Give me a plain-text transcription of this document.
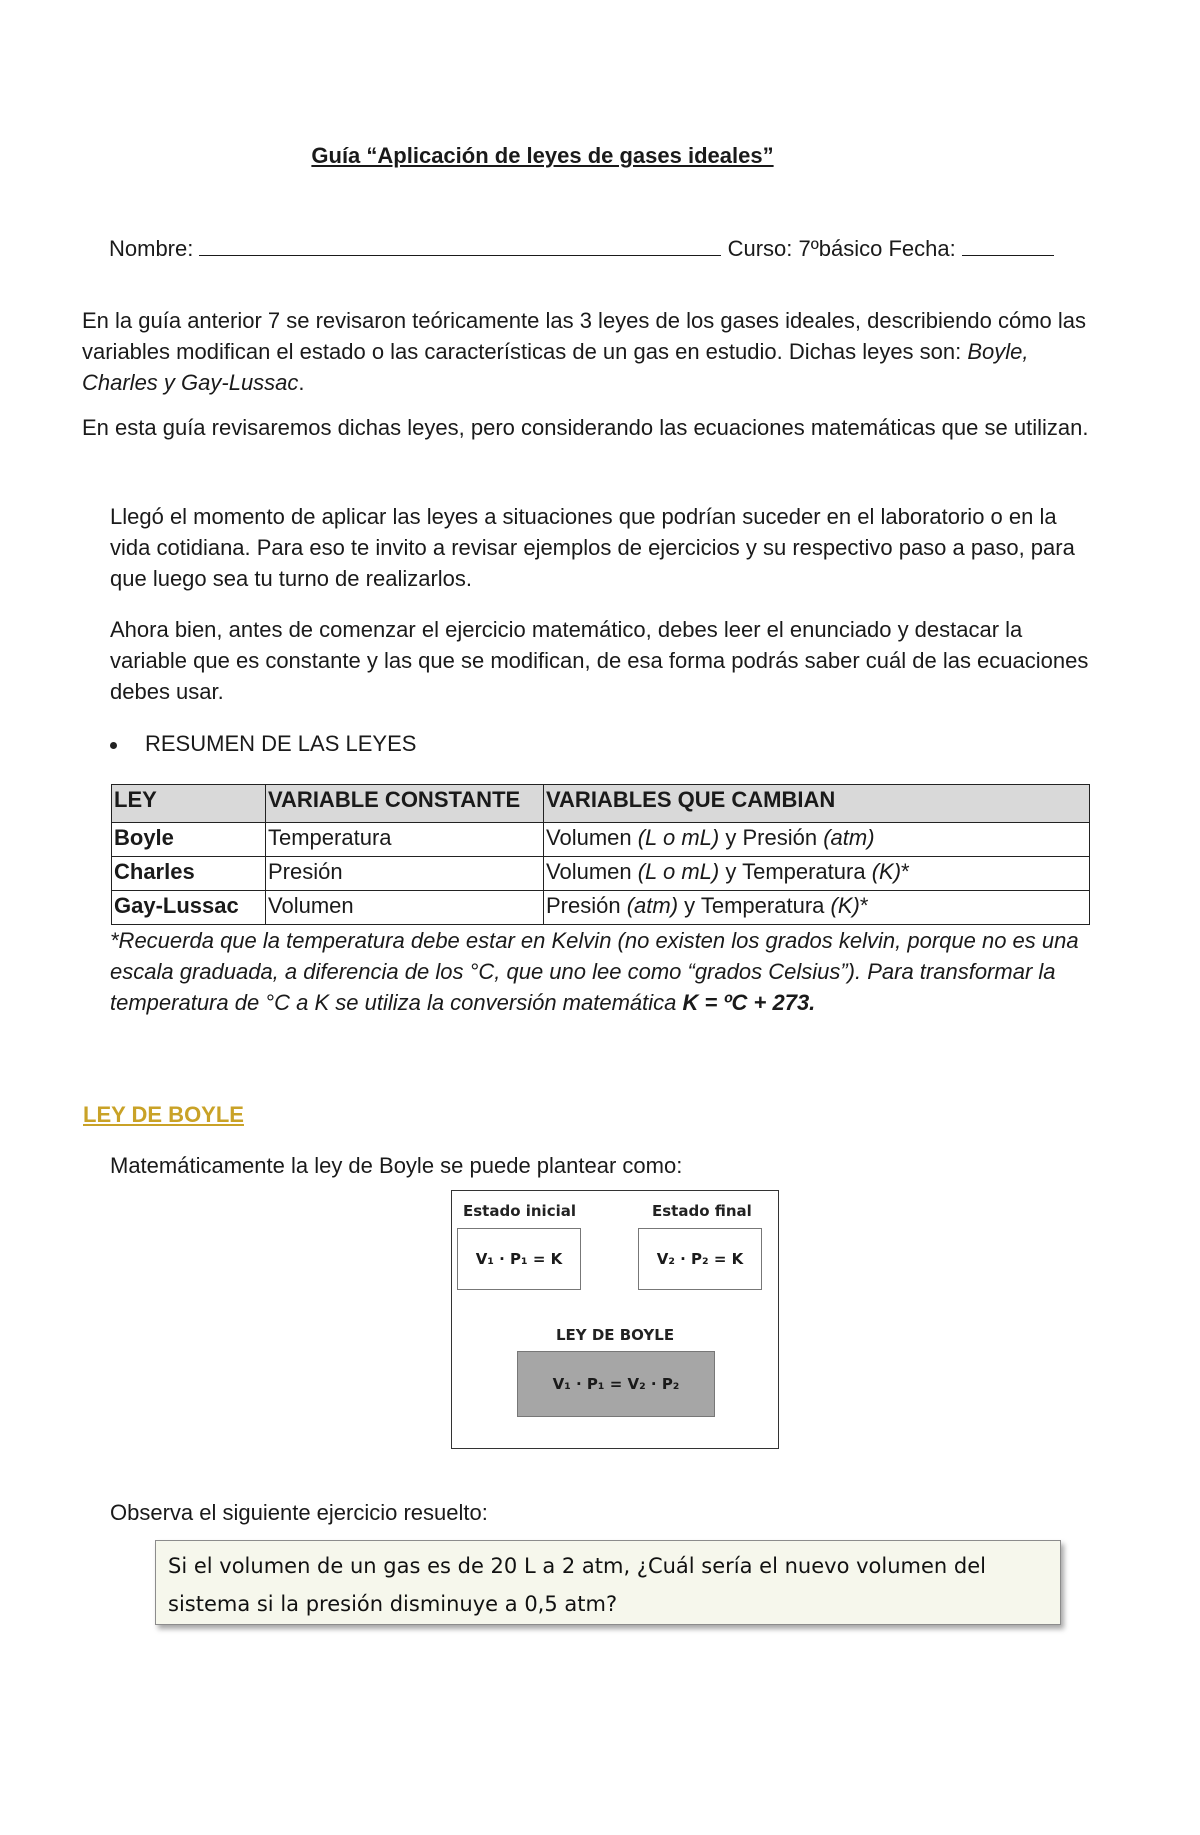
Guía “Aplicación de leyes de gases ideales”
Nombre:	Curso: 7ºbásico Fecha:

En la guía anterior 7 se revisaron teóricamente las 3 leyes de los gases ideales, describiendo cómo las variables modifican el estado o las características de un gas en estudio. Dichas leyes son: Boyle, Charles y Gay-Lussac.

En esta guía revisaremos dichas leyes, pero considerando las ecuaciones matemáticas que se utilizan.

Llegó el momento de aplicar las leyes a situaciones que podrían suceder en el laboratorio o en la vida cotidiana. Para eso te invito a revisar ejemplos de ejercicios y su respectivo paso a paso, para que luego sea tu turno de realizarlos.

Ahora bien, antes de comenzar el ejercicio matemático, debes leer el enunciado y destacar la variable que es constante y las que se modifican, de esa forma podrás saber cuál de las ecuaciones debes usar.

RESUMEN DE LAS LEYES
LEY	VARIABLE CONSTANTE	VARIABLES QUE CAMBIAN
Boyle	Temperatura	Volumen (L o mL) y Presión (atm)
Charles	Presión	Volumen (L o mL) y Temperatura (K)*
Gay-Lussac	Volumen	Presión (atm) y Temperatura (K)*

*Recuerda que la temperatura debe estar en Kelvin (no existen los grados kelvin, porque no es una escala graduada, a diferencia de los °C, que uno lee como “grados Celsius”). Para transformar la temperatura de °C a K se utiliza la conversión matemática K = ºC + 273.

LEY DE BOYLE
Matemáticamente la ley de Boyle se puede plantear como:
Estado inicial	Estado final
V₁ · P₁ = K	V₂ · P₂ = K
LEY DE BOYLE
V₁ · P₁ = V₂ · P₂
Observa el siguiente ejercicio resuelto:
Si el volumen de un gas es de 20 L a 2 atm, ¿Cuál sería el nuevo volumen del sistema si la presión disminuye a 0,5 atm?
